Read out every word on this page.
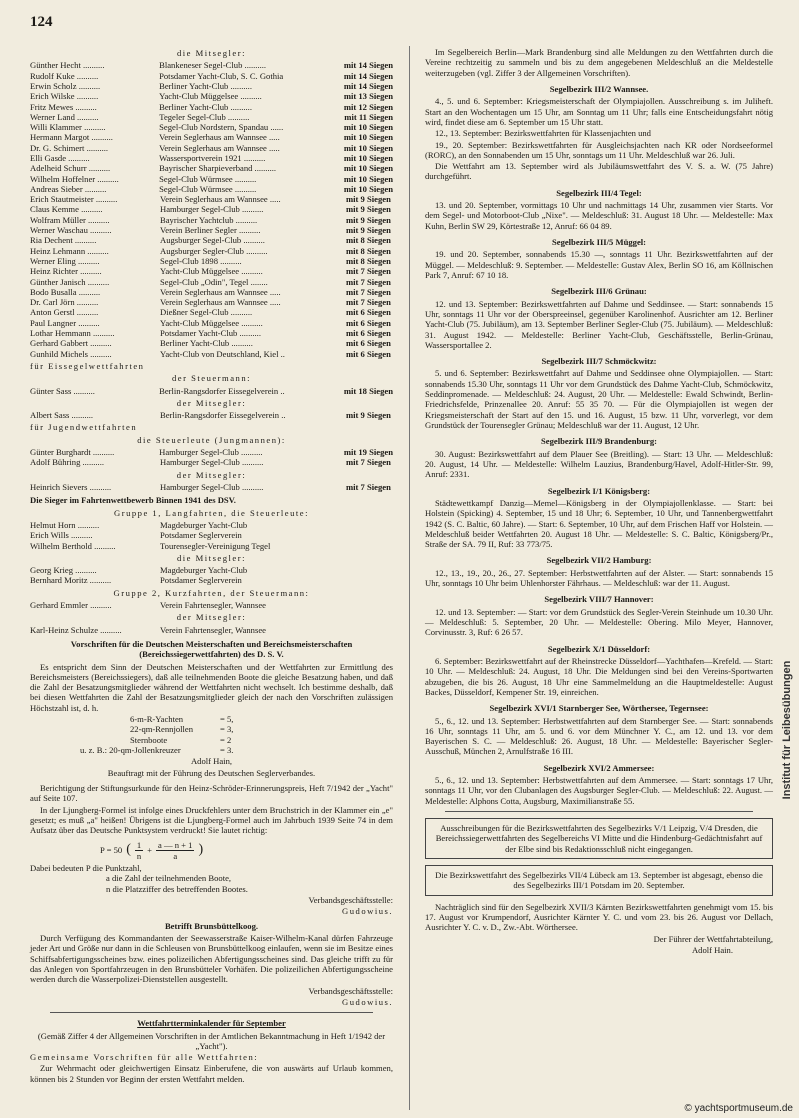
124
die Mitsegler:
Günther Hecht ..........	Blankeneser Segel-Club ..........	mit 14 Siegen
Rudolf Kuke ..........	Potsdamer Yacht-Club, S. C. Gothia	mit 14 Siegen
Erwin Scholz ..........	Berliner Yacht-Club ..........	mit 14 Siegen
Erich Wilske ..........	Yacht-Club Müggelsee ..........	mit 13 Siegen
Fritz Mewes ..........	Berliner Yacht-Club ..........	mit 12 Siegen
Werner Land ..........	Tegeler Segel-Club ..........	mit 11 Siegen
Willi Klammer ..........	Segel-Club Nordstern, Spandau ......	mit 10 Siegen
Hermann Margot ..........	Verein Seglerhaus am Wannsee .....	mit 10 Siegen
Dr. G. Schimert ..........	Verein Seglerhaus am Wannsee .....	mit 10 Siegen
Elli Gasde ..........	Wassersportverein 1921 ..........	mit 10 Siegen
Adelheid Schurr ..........	Bayrischer Sharpieverband ..........	mit 10 Siegen
Wilhelm Hoffelner ..........	Segel-Club Würmsee ..........	mit 10 Siegen
Andreas Sieber ..........	Segel-Club Würmsee ..........	mit 10 Siegen
Erich Stautmeister ..........	Verein Seglerhaus am Wannsee .....	mit 9 Siegen
Claus Kemme ..........	Hamburger Segel-Club ..........	mit 9 Siegen
Wolfram Müller ..........	Bayrischer Yachtclub ..........	mit 9 Siegen
Werner Waschau ..........	Verein Berliner Segler ..........	mit 9 Siegen
Ria Dechent ..........	Augsburger Segel-Club ..........	mit 8 Siegen
Heinz Lehmann ..........	Augsburger Segler-Club ..........	mit 8 Siegen
Werner Eling ..........	Segel-Club 1898 ..........	mit 8 Siegen
Heinz Richter ..........	Yacht-Club Müggelsee ..........	mit 7 Siegen
Günther Janisch ..........	Segel-Club „Odin", Tegel ........	mit 7 Siegen
Bodo Busalla ..........	Verein Seglerhaus am Wannsee .....	mit 7 Siegen
Dr. Carl Jörn ..........	Verein Seglerhaus am Wannsee .....	mit 7 Siegen
Anton Gerstl ..........	Dießner Segel-Club ..........	mit 6 Siegen
Paul Langner ..........	Yacht-Club Müggelsee ..........	mit 6 Siegen
Lothar Hemmann ..........	Potsdamer Yacht-Club ..........	mit 6 Siegen
Gerhard Gabbert ..........	Berliner Yacht-Club ..........	mit 6 Siegen
Gunhild Michels ..........	Yacht-Club von Deutschland, Kiel ..	mit 6 Siegen
für Eissegelwettfahrten
der Steuermann:
Günter Sass ..........	Berlin-Rangsdorfer Eissegelverein ..	mit 18 Siegen
der Mitsegler:
Albert Sass ..........	Berlin-Rangsdorfer Eissegelverein ..	mit 9 Siegen
für Jugendwettfahrten
die Steuerleute (Jungmannen):
Günter Burghardt ..........	Hamburger Segel-Club ..........	mit 19 Siegen
Adolf Bühring ..........	Hamburger Segel-Club ..........	mit 7 Siegen
der Mitsegler:
Heinrich Sievers ..........	Hamburger Segel-Club ..........	mit 7 Siegen
Die Sieger im Fahrtenwettbewerb Binnen 1941 des DSV.
Gruppe 1, Langfahrten, die Steuerleute:
Helmut Horn ..........	Magdeburger Yacht-Club
Erich Wills ..........	Potsdamer Seglerverein
Wilhelm Berthold ..........	Tourensegler-Vereinigung Tegel
die Mitsegler:
Georg Krieg ..........	Magdeburger Yacht-Club
Bernhard Moritz ..........	Potsdamer Seglerverein
Gruppe 2, Kurzfahrten, der Steuermann:
Gerhard Emmler ..........	Verein Fahrtensegler, Wannsee
der Mitsegler:
Karl-Heinz Schulze ..........	Verein Fahrtensegler, Wannsee
Vorschriften für die Deutschen Meisterschaften und Bereichsmeisterschaften (Bereichssiegerwettfahrten) des D. S. V.
Es entspricht dem Sinn der Deutschen Meisterschaften und der Wettfahrten zur Ermittlung des Bereichsmeisters (Bereichssiegers), daß alle teilnehmenden Boote die gleiche Besatzung haben, und daß die Zahl der Besatzungsmitglieder während der Wettfahrten nicht wechselt. Ich bestimme deshalb, daß bei diesen Wettfahrten die Zahl der Besatzungsmitglieder gleich der nach den Vorschriften zulässigen Höchstzahl ist, d. h.
6-m-R-Yachten	= 5,
22-qm-Rennjollen	= 3,
Sternboote	= 2
u. z. B.: 20-qm-Jollenkreuzer	= 3.
Adolf Hain,
Beauftragt mit der Führung des Deutschen Seglerverbandes.
Berichtigung der Stiftungsurkunde für den Heinz-Schröder-Erinnerungspreis, Heft 7/1942 der „Yacht" auf Seite 107.
In der Ljungberg-Formel ist infolge eines Druckfehlers unter dem Bruchstrich in der Klammer ein „e" gesetzt; es muß „a" heißen! Übrigens ist die Ljungberg-Formel auch im Jahrbuch 1939 Seite 74 in dem Aufsatz über das Deutsche Punktsystem verdruckt! Sie lautet richtig:
P = 50 ( $\frac{1}{n} + \frac{a — n + 1}{a}$ )
Dabei bedeuten P die Punktzahl,
a die Zahl der teilnehmenden Boote,
n die Platzziffer des betreffenden Bootes.
Verbandsgeschäftsstelle:
Gudowius.
Betrifft Brunsbüttelkoog.
Durch Verfügung des Kommandanten der Seewasserstraße Kaiser-Wilhelm-Kanal dürfen Fahrzeuge jeder Art und Größe nur dann in die Schleusen von Brunsbüttelkoog einlaufen, wenn sie im Besitze eines Schiffsabfertigungsscheines bzw. eines polizeilichen Abfertigungsscheines sind. Das gleiche trifft zu für das Anlegen von Sportfahrzeugen in den Brunsbütteler Vorhäfen. Die polizeilichen Abfertigungsscheine werden durch die Wasserpolizei-Dienststellen ausgestellt.
Verbandsgeschäftsstelle:
Gudowius.
Wettfahrtterminkalender für September
(Gemäß Ziffer 4 der Allgemeinen Vorschriften in der Amtlichen Bekanntmachung in Heft 1/1942 der „Yacht").
Gemeinsame Vorschriften für alle Wettfahrten:
Zur Wehrmacht oder gleichwertigen Einsatz Einberufene, die von auswärts auf Urlaub kommen, können bis 2 Stunden vor Beginn der ersten Wettfahrt melden.
Im Segelbereich Berlin—Mark Brandenburg sind alle Meldungen zu den Wettfahrten durch die Vereine rechtzeitig zu sammeln und bis zu dem angegebenen Meldeschluß an die Meldestelle weiterzugeben (vgl. Ziffer 3 der Allgemeinen Vorschriften).
Segelbezirk III/2 Wannsee.
4., 5. und 6. September: Kriegsmeisterschaft der Olympiajollen. Ausschreibung s. im Juliheft. Start an den Wochentagen um 15 Uhr, am Sonntag um 11 Uhr; falls eine Entscheidungsfahrt nötig wird, findet diese am 6. September um 15 Uhr statt.
12., 13. September: Bezirkswettfahrten für Klassenjachten und
19., 20. September: Bezirkswettfahrten für Ausgleichsjachten nach KR oder Nordseeformel (RORC), an den Sonnabenden um 15 Uhr, sonntags um 11 Uhr. Meldeschluß war 26. Juli.
Die Wettfahrt am 13. September wird als Jubiläumswettfahrt des V. S. a. W. (75 Jahre) durchgeführt.
Segelbezirk III/4 Tegel:
13. und 20. September, vormittags 10 Uhr und nachmittags 14 Uhr, zusammen vier Starts. Vor dem Segel- und Motorboot-Club „Nixe". — Meldeschluß: 31. August 18 Uhr. — Meldestelle: Max Kuhn, Berlin SW 29, Körtestraße 12, Anruf: 66 04 89.
Segelbezirk III/5 Müggel:
19. und 20. September, sonnabends 15.30 —, sonntags 11 Uhr. Bezirkswettfahrten auf der Müggel. — Meldeschluß: 9. September. — Meldestelle: Gustav Alex, Berlin SO 16, am Köllnischen Park 7, Anruf: 67 10 18.
Segelbezirk III/6 Grünau:
12. und 13. September: Bezirkswettfahrten auf Dahme und Seddinsee. — Start: sonnabends 15 Uhr, sonntags 11 Uhr vor der Oberspreeinsel, gegenüber Karolinenhof. Ausrichter am 12. Berliner Yacht-Club (75. Jubiläum), am 13. September Berliner Segler-Club (75. Jubiläum). — Meldeschluß: 31. August 1942. — Meldestelle: Berliner Yacht-Club, Geschäftsstelle, Berlin-Grünau, Wassersportallee 2.
Segelbezirk III/7 Schmöckwitz:
5. und 6. September: Bezirkswettfahrt auf Dahme und Seddinsee ohne Olympiajollen. — Start: sonnabends 15.30 Uhr, sonntags 11 Uhr vor dem Grundstück des Dahme Yacht-Club, Schmöckwitz, Seddinpromenade. — Meldeschluß: 24. August, 20 Uhr. — Meldestelle: Ewald Schwindt, Berlin-Friedrichsfelde, Prinzenallee 20. Anruf: 55 35 70. — Für die Olympiajollen ist wegen der Kriegsmeisterschaft der Start auf den 15. und 16. August, 15 bzw. 11 Uhr, vorverlegt, vor dem Grundstück der Tourensegler Grünau; Meldeschluß war der 11. August, 12 Uhr.
Segelbezirk III/9 Brandenburg:
30. August: Bezirkswettfahrt auf dem Plauer See (Breitling). — Start: 13 Uhr. — Meldeschluß: 20. August, 14 Uhr. — Meldestelle: Wilhelm Lauzius, Brandenburg/Havel, Adolf-Hitler-Str. 99, Anruf: 2331.
Segelbezirk I/1 Königsberg:
Städtewettkampf Danzig—Memel—Königsberg in der Olympiajollenklasse. — Start: bei Holstein (Spicking) 4. September, 15 und 18 Uhr; 6. September, 10 Uhr, und Tannenbergwettfahrt 1942 (S. C. Baltic, 60 Jahre). — Start: 6. September, 10 Uhr, auf dem Frischen Haff vor Holstein. — Meldeschluß beider Wettfahrten 20. August 18 Uhr. — Meldestelle: S. C. Baltic, Königsberg/Pr., Straße der SA. 79 II, Ruf: 33 773/75.
Segelbezirk VII/2 Hamburg:
12., 13., 19., 20., 26., 27. September: Herbstwettfahrten auf der Alster. — Start: sonnabends 15 Uhr, sonntags 10 Uhr beim Uhlenhorster Fährhaus. — Meldeschluß: war der 11. August.
Segelbezirk VIII/7 Hannover:
12. und 13. September: — Start: vor dem Grundstück des Segler-Verein Steinhude um 10.30 Uhr. — Meldeschluß: 5. September, 20 Uhr. — Meldestelle: Obering. Milo Meyer, Hannover, Corvinusstr. 3, Ruf: 6 26 57.
Segelbezirk X/1 Düsseldorf:
6. September: Bezirkswettfahrt auf der Rheinstrecke Düsseldorf—Yachthafen—Krefeld. — Start: 10 Uhr. — Meldeschluß: 24. August, 18 Uhr. Die Meldungen sind bei den Vereins-Sportwarten abzugeben, die bis 26. August, 18 Uhr eine Sammelmeldung an die Hauptmeldestelle: August Backes, Düsseldorf, Kempener Str. 19, einreichen.
Segelbezirk XVI/1 Starnberger See, Wörthersee, Tegernsee:
5., 6., 12. und 13. September: Herbstwettfahrten auf dem Starnberger See. — Start: sonnabends 16 Uhr, sonntags 11 Uhr, am 5. und 6. vor dem Münchner Y. C., am 12. und 13. vor dem Bayerischen S. C. — Meldeschluß: 26. August, 18 Uhr. — Meldestelle: Bayerischer Segler-Ausschuß, München 2, Arnulfstraße 16 III.
Segelbezirk XVI/2 Ammersee:
5., 6., 12. und 13. September: Herbstwettfahrten auf dem Ammersee. — Start: sonntags 17 Uhr, sonntags 11 Uhr, vor den Clubanlagen des Augsburger Segler-Club. — Meldeschluß: 22. August. — Meldestelle: Alphons Cotta, Augsburg, Maximilianstraße 55.
Ausschreibungen für die Bezirkswettfahrten des Segelbezirks V/1 Leipzig, V/4 Dresden, die Bereichssiegerwettfahrten des Segelbereichs VI Mitte und die Hindenburg-Gedächtnisfahrt auf der Elbe sind bis Redaktionsschluß nicht eingegangen.
Die Bezirkswettfahrt des Segelbezirks VII/4 Lübeck am 13. September ist abgesagt, ebenso die des Segelbezirks III/1 Potsdam im 20. September.
Nachträglich sind für den Segelbezirk XVII/3 Kärnten Bezirkswettfahrten genehmigt vom 15. bis 17. August vor Krumpendorf, Ausrichter Kärnter Y. C. und vom 23. bis 26. August vor Dellach, Ausrichter Y. C. v. D., Zw.-Abt. Wörthersee.
Der Führer der Wettfahrtabteilung,
Adolf Hain.
Institut für Leibesübungen
© yachtsportmuseum.de
